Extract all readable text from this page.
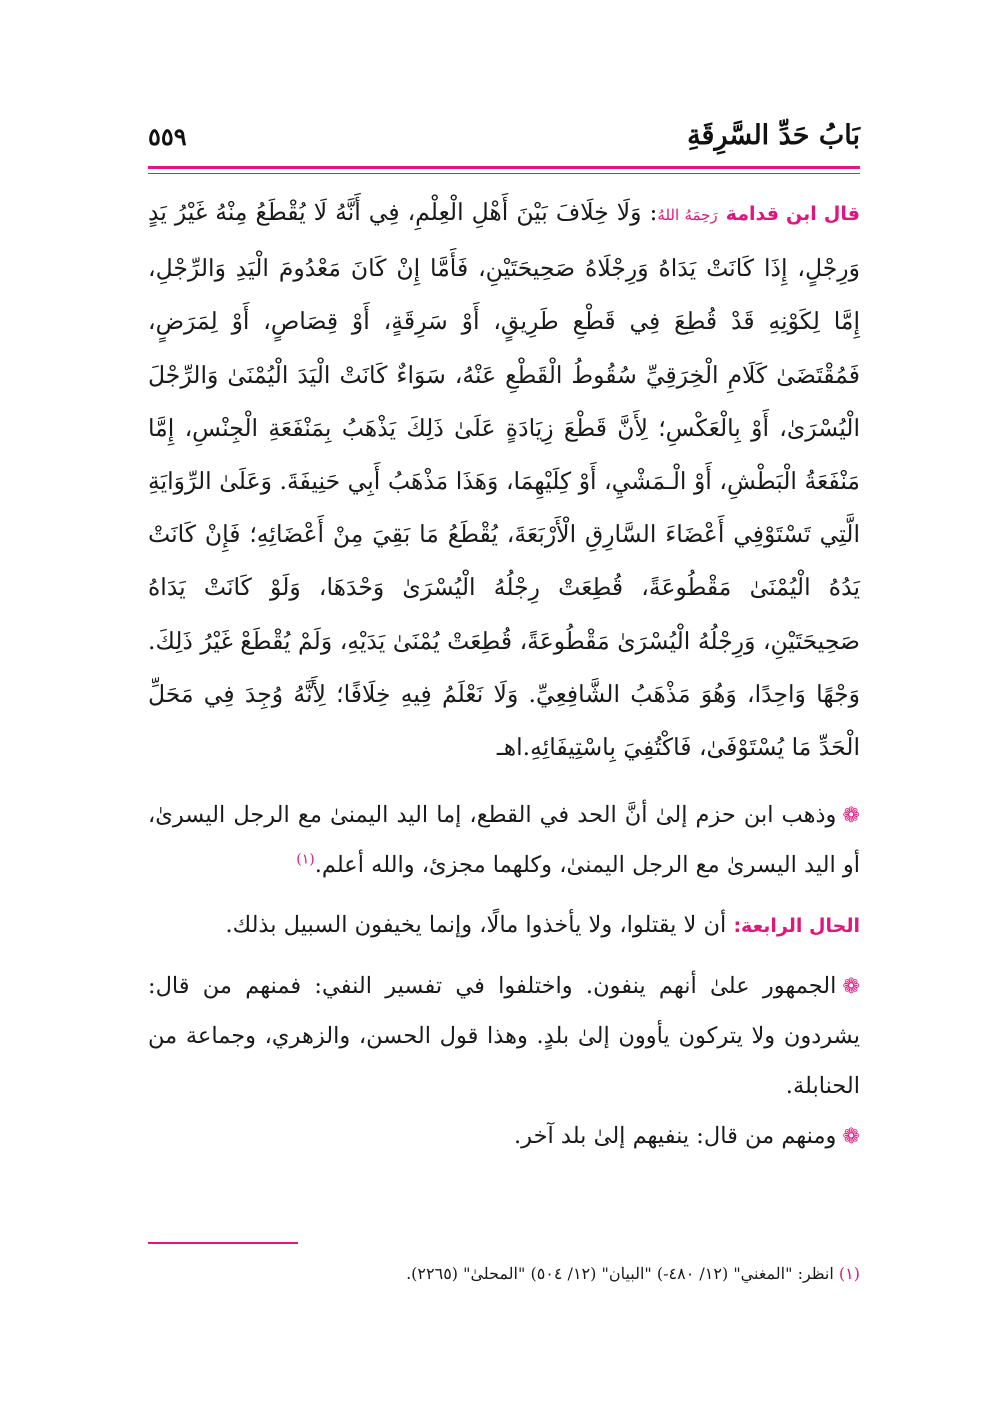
بَابُ حَدِّ السَّرِقَةِ
٥٥٩

قال ابن قدامة رَحِمَهُ اللهُ: وَلَا خِلَافَ بَيْنَ أَهْلِ الْعِلْمِ، فِي أَنَّهُ لَا يُقْطَعُ مِنْهُ غَيْرُ يَدٍ وَرِجْلٍ، إِذَا كَانَتْ يَدَاهُ وَرِجْلَاهُ صَحِيحَتَيْنِ، فَأَمَّا إِنْ كَانَ مَعْدُومَ الْيَدِ وَالرِّجْلِ، إِمَّا لِكَوْنِهِ قَدْ قُطِعَ فِي قَطْعِ طَرِيقٍ، أَوْ سَرِقَةٍ، أَوْ قِصَاصٍ، أَوْ لِمَرَضٍ، فَمُقْتَضَىٰ كَلَامِ الْخِرَقِيِّ سُقُوطُ الْقَطْعِ عَنْهُ، سَوَاءٌ كَانَتْ الْيَدَ الْيُمْنَىٰ وَالرِّجْلَ الْيُسْرَىٰ، أَوْ بِالْعَكْسِ؛ لِأَنَّ قَطْعَ زِيَادَةٍ عَلَىٰ ذَلِكَ يَذْهَبُ بِمَنْفَعَةِ الْجِنْسِ، إِمَّا مَنْفَعَةُ الْبَطْشِ، أَوْ الْـمَشْيِ، أَوْ كِلَيْهِمَا، وَهَذَا مَذْهَبُ أَبِي حَنِيفَةَ. وَعَلَىٰ الرِّوَايَةِ الَّتِي تَسْتَوْفِي أَعْضَاءَ السَّارِقِ الْأَرْبَعَةَ، يُقْطَعُ مَا بَقِيَ مِنْ أَعْضَائِهِ؛ فَإِنْ كَانَتْ يَدُهُ الْيُمْنَىٰ مَقْطُوعَةً، قُطِعَتْ رِجْلُهُ الْيُسْرَىٰ وَحْدَهَا، وَلَوْ كَانَتْ يَدَاهُ صَحِيحَتَيْنِ، وَرِجْلُهُ الْيُسْرَىٰ مَقْطُوعَةً، قُطِعَتْ يُمْنَىٰ يَدَيْهِ، وَلَمْ يُقْطَعْ غَيْرُ ذَلِكَ. وَجْهًا وَاحِدًا، وَهُوَ مَذْهَبُ الشَّافِعِيِّ. وَلَا نَعْلَمُ فِيهِ خِلَافًا؛ لِأَنَّهُ وُجِدَ فِي مَحَلِّ الْحَدِّ مَا يُسْتَوْفَىٰ، فَاكْتُفِيَ بِاسْتِيفَائِهِ.اهـ

❁وذهب ابن حزم إلىٰ أنَّ الحد في القطع، إما اليد اليمنىٰ مع الرجل اليسرىٰ، أو اليد اليسرىٰ مع الرجل اليمنىٰ، وكلهما مجزئ، والله أعلم.$^{(١)}$

الحال الرابعة: أن لا يقتلوا، ولا يأخذوا مالًا، وإنما يخيفون السبيل بذلك.

❁الجمهور علىٰ أنهم ينفون. واختلفوا في تفسير النفي: فمنهم من قال: يشردون ولا يتركون يأوون إلىٰ بلدٍ. وهذا قول الحسن، والزهري، وجماعة من الحنابلة.

❁ومنهم من قال: ينفيهم إلىٰ بلد آخر.

(١) انظر: "المغني" (١٢/ ٤٨٠-) "البيان" (١٢/ ٥٠٤) "المحلىٰ" (٢٢٦٥).
